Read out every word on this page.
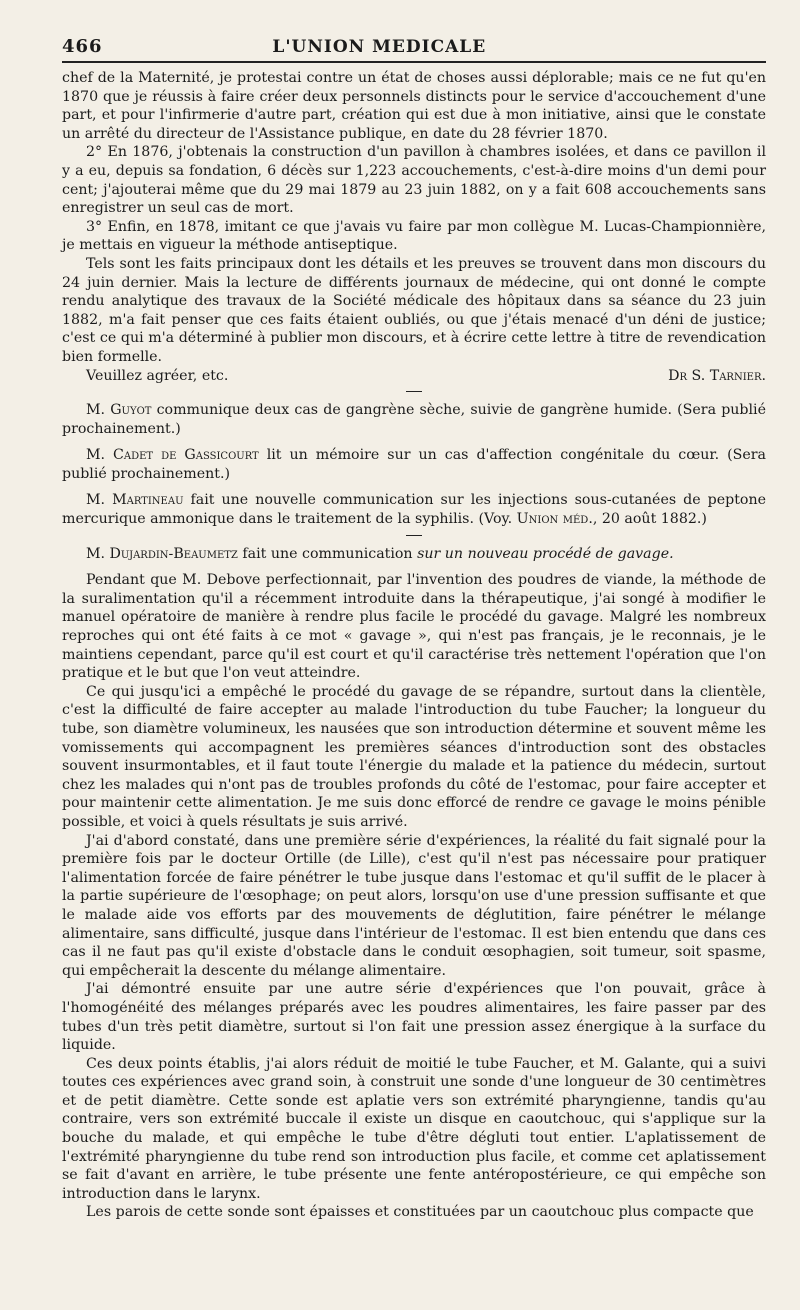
466	L'UNION MEDICALE

chef de la Maternité, je protestai contre un état de choses aussi déplorable; mais ce ne fut qu'en 1870 que je réussis à faire créer deux personnels distincts pour le service d'accouchement d'une part, et pour l'infirmerie d'autre part, création qui est due à mon initiative, ainsi que le constate un arrêté du directeur de l'Assistance publique, en date du 28 février 1870.

2° En 1876, j'obtenais la construction d'un pavillon à chambres isolées, et dans ce pavillon il y a eu, depuis sa fondation, 6 décès sur 1,223 accouchements, c'est-à-dire moins d'un demi pour cent; j'ajouterai même que du 29 mai 1879 au 23 juin 1882, on y a fait 608 accouchements sans enregistrer un seul cas de mort.

3° Enfin, en 1878, imitant ce que j'avais vu faire par mon collègue M. Lucas-Championnière, je mettais en vigueur la méthode antiseptique.

Tels sont les faits principaux dont les détails et les preuves se trouvent dans mon discours du 24 juin dernier. Mais la lecture de différents journaux de médecine, qui ont donné le compte rendu analytique des travaux de la Société médicale des hôpitaux dans sa séance du 23 juin 1882, m'a fait penser que ces faits étaient oubliés, ou que j'étais menacé d'un déni de justice; c'est ce qui m'a déterminé à publier mon discours, et à écrire cette lettre à titre de revendication bien formelle.

Veuillez agréer, etc.	Dr S. Tarnier.

M. Guyot communique deux cas de gangrène sèche, suivie de gangrène humide. (Sera publié prochainement.)

M. Cadet de Gassicourt lit un mémoire sur un cas d'affection congénitale du cœur. (Sera publié prochainement.)

M. Martineau fait une nouvelle communication sur les injections sous-cutanées de peptone mercurique ammonique dans le traitement de la syphilis. (Voy. Union méd., 20 août 1882.)

M. Dujardin-Beaumetz fait une communication sur un nouveau procédé de gavage.

Pendant que M. Debove perfectionnait, par l'invention des poudres de viande, la méthode de la suralimentation qu'il a récemment introduite dans la thérapeutique, j'ai songé à modifier le manuel opératoire de manière à rendre plus facile le procédé du gavage. Malgré les nombreux reproches qui ont été faits à ce mot « gavage », qui n'est pas français, je le reconnais, je le maintiens cependant, parce qu'il est court et qu'il caractérise très nettement l'opération que l'on pratique et le but que l'on veut atteindre.

Ce qui jusqu'ici a empêché le procédé du gavage de se répandre, surtout dans la clientèle, c'est la difficulté de faire accepter au malade l'introduction du tube Faucher; la longueur du tube, son diamètre volumineux, les nausées que son introduction détermine et souvent même les vomissements qui accompagnent les premières séances d'introduction sont des obstacles souvent insurmontables, et il faut toute l'énergie du malade et la patience du médecin, surtout chez les malades qui n'ont pas de troubles profonds du côté de l'estomac, pour faire accepter et pour maintenir cette alimentation. Je me suis donc efforcé de rendre ce gavage le moins pénible possible, et voici à quels résultats je suis arrivé.

J'ai d'abord constaté, dans une première série d'expériences, la réalité du fait signalé pour la première fois par le docteur Ortille (de Lille), c'est qu'il n'est pas nécessaire pour pratiquer l'alimentation forcée de faire pénétrer le tube jusque dans l'estomac et qu'il suffit de le placer à la partie supérieure de l'œsophage; on peut alors, lorsqu'on use d'une pression suffisante et que le malade aide vos efforts par des mouvements de déglutition, faire pénétrer le mélange alimentaire, sans difficulté, jusque dans l'intérieur de l'estomac. Il est bien entendu que dans ces cas il ne faut pas qu'il existe d'obstacle dans le conduit œsophagien, soit tumeur, soit spasme, qui empêcherait la descente du mélange alimentaire.

J'ai démontré ensuite par une autre série d'expériences que l'on pouvait, grâce à l'homogénéité des mélanges préparés avec les poudres alimentaires, les faire passer par des tubes d'un très petit diamètre, surtout si l'on fait une pression assez énergique à la surface du liquide.

Ces deux points établis, j'ai alors réduit de moitié le tube Faucher, et M. Galante, qui a suivi toutes ces expériences avec grand soin, à construit une sonde d'une longueur de 30 centimètres et de petit diamètre. Cette sonde est aplatie vers son extrémité pharyngienne, tandis qu'au contraire, vers son extrémité buccale il existe un disque en caoutchouc, qui s'applique sur la bouche du malade, et qui empêche le tube d'être dégluti tout entier. L'aplatissement de l'extrémité pharyngienne du tube rend son introduction plus facile, et comme cet aplatissement se fait d'avant en arrière, le tube présente une fente antéropostérieure, ce qui empêche son introduction dans le larynx.

Les parois de cette sonde sont épaisses et constituées par un caoutchouc plus compacte que
